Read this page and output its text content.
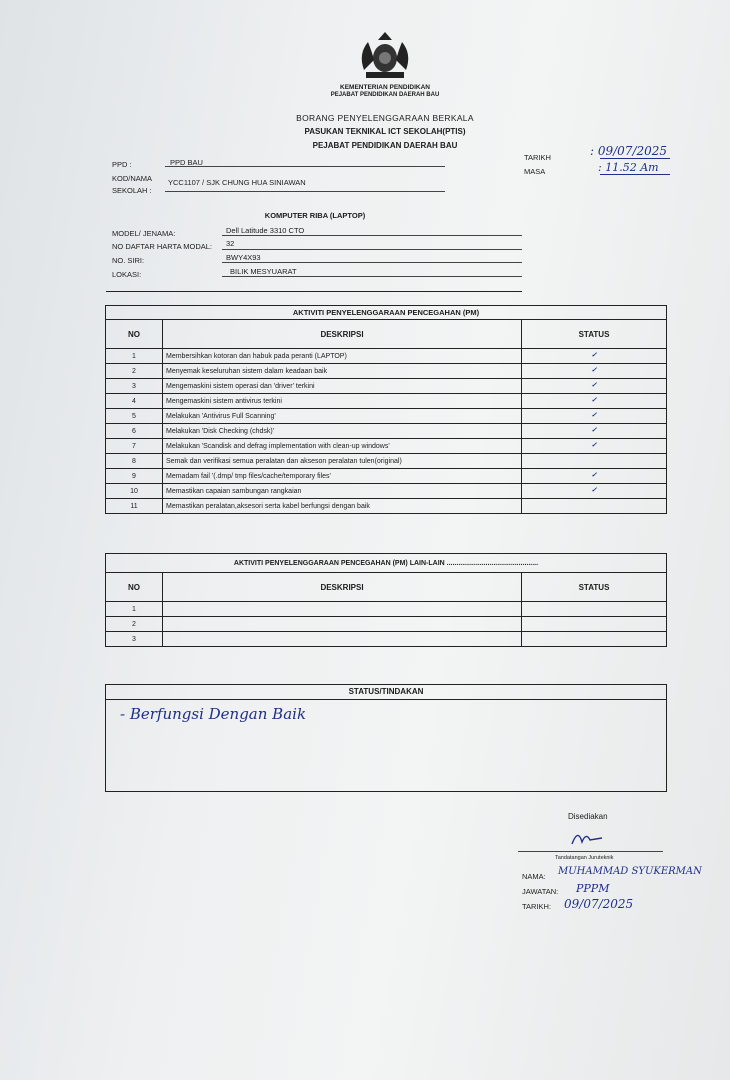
KEMENTERIAN PENDIDIKAN
PEJABAT PENDIDIKAN DAERAH BAU
BORANG PENYELENGGARAAN BERKALA
PASUKAN TEKNIKAL ICT SEKOLAH(PTIS)
PEJABAT PENDIDIKAN DAERAH BAU
PPD :	PPD BAU
KOD/NAMA
SEKOLAH :
YCC1107 / SJK CHUNG HUA SINIAWAN
TARIKH	: 09/07/2025
MASA	: 11.52 Am
KOMPUTER RIBA (LAPTOP)
MODEL/ JENAMA:	Dell Latitude 3310 CTO
NO DAFTAR HARTA MODAL: 32
NO. SIRI:	BWY4X93
LOKASI:	BILIK MESYUARAT
AKTIVITI PENYELENGGARAAN PENCEGAHAN (PM)		
NO	DESKRIPSI	STATUS
1	Membersihkan kotoran dan habuk pada peranti (LAPTOP)	✓
2	Menyemak keseluruhan sistem dalam keadaan baik	✓
3	Mengemaskini sistem operasi dan 'driver' terkini	✓
4	Mengemaskini sistem antivirus terkini	✓
5	Melakukan 'Antivirus Full Scanning'	✓
6	Melakukan 'Disk Checking (chdsk)'	✓
7	Melakukan 'Scandisk and defrag implementation with clean-up windows'	✓
8	Semak dan verifikasi semua peralatan dan akseson peralatan tulen(original)	
9	Memadam fail '(.dmp/ tmp files/cache/temporary files'	✓
10	Memastikan capaian sambungan rangkaian	✓
11	Memastikan peralatan,aksesori serta kabel berfungsi dengan baik	
AKTIVITI PENYELENGGARAAN PENCEGAHAN (PM) LAIN-LAIN ...............................................		
NO	DESKRIPSI	STATUS
1		
2		
3		
STATUS/TINDAKAN
- Berfungsi Dengan Baik
Disediakan
Tandatangan Juruteknik
NAMA: MUHAMMAD SYUKERMAN
JAWATAN: PPPM
TARIKH: 09/07/2025
